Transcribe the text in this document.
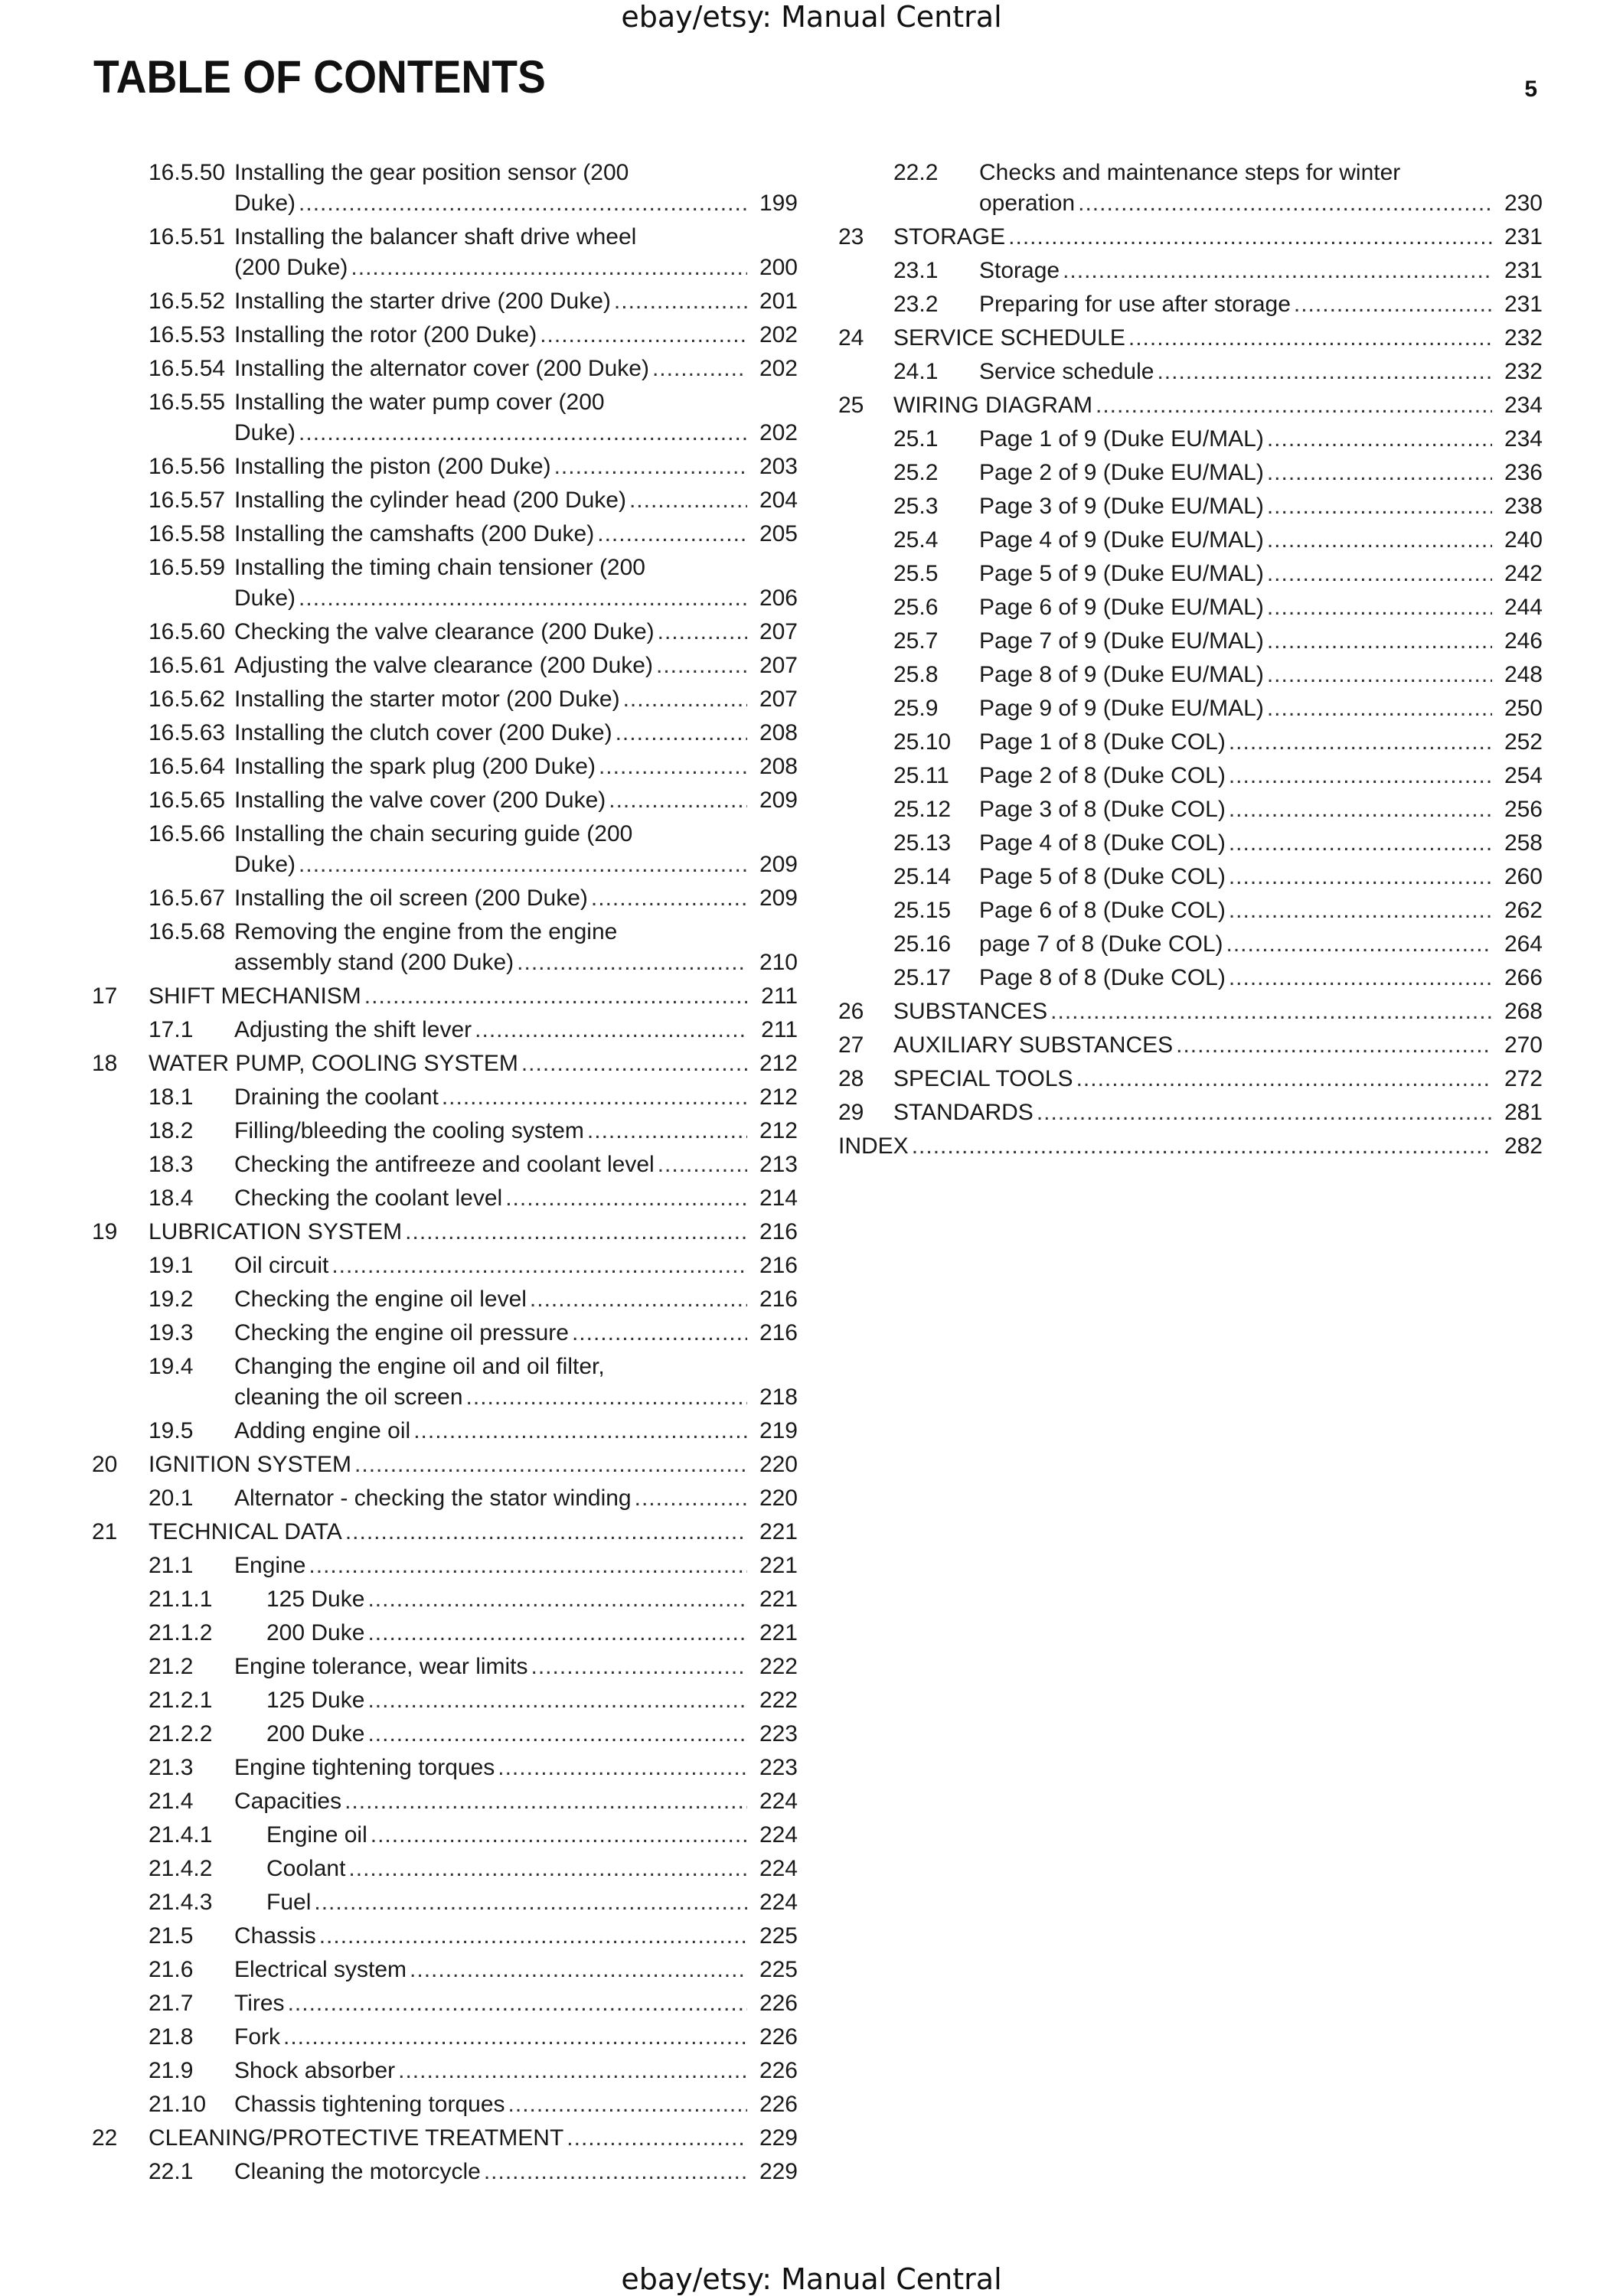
ebay/etsy: Manual Central
TABLE OF CONTENTS	5
16.5.50 Installing the gear position sensor (200
Duke) .....	199
16.5.51 Installing the balancer shaft drive wheel
(200 Duke) .....	200
16.5.52 Installing the starter drive (200 Duke) .....	201
16.5.53 Installing the rotor (200 Duke) .....	202
16.5.54 Installing the alternator cover (200 Duke) .....	202
16.5.55 Installing the water pump cover (200
Duke) .....	202
16.5.56 Installing the piston (200 Duke) .....	203
16.5.57 Installing the cylinder head (200 Duke) .....	204
16.5.58 Installing the camshafts (200 Duke) .....	205
16.5.59 Installing the timing chain tensioner (200
Duke) .....	206
16.5.60 Checking the valve clearance (200 Duke) .....	207
16.5.61 Adjusting the valve clearance (200 Duke) .....	207
16.5.62 Installing the starter motor (200 Duke) .....	207
16.5.63 Installing the clutch cover (200 Duke) .....	208
16.5.64 Installing the spark plug (200 Duke) .....	208
16.5.65 Installing the valve cover (200 Duke) .....	209
16.5.66 Installing the chain securing guide (200
Duke) .....	209
16.5.67 Installing the oil screen (200 Duke) .....	209
16.5.68 Removing the engine from the engine
assembly stand (200 Duke) .....	210
17 SHIFT MECHANISM .....	211
17.1 Adjusting the shift lever .....	211
18 WATER PUMP, COOLING SYSTEM .....	212
18.1 Draining the coolant .....	212
18.2 Filling/bleeding the cooling system .....	212
18.3 Checking the antifreeze and coolant level .....	213
18.4 Checking the coolant level .....	214
19 LUBRICATION SYSTEM .....	216
19.1 Oil circuit .....	216
19.2 Checking the engine oil level .....	216
19.3 Checking the engine oil pressure .....	216
19.4 Changing the engine oil and oil filter,
cleaning the oil screen .....	218
19.5 Adding engine oil .....	219
20 IGNITION SYSTEM .....	220
20.1 Alternator - checking the stator winding .....	220
21 TECHNICAL DATA .....	221
21.1 Engine .....	221
21.1.1 125 Duke .....	221
21.1.2 200 Duke .....	221
21.2 Engine tolerance, wear limits .....	222
21.2.1 125 Duke .....	222
21.2.2 200 Duke .....	223
21.3 Engine tightening torques .....	223
21.4 Capacities .....	224
21.4.1 Engine oil .....	224
21.4.2 Coolant .....	224
21.4.3 Fuel .....	224
21.5 Chassis .....	225
21.6 Electrical system .....	225
21.7 Tires .....	226
21.8 Fork .....	226
21.9 Shock absorber .....	226
21.10 Chassis tightening torques .....	226
22 CLEANING/PROTECTIVE TREATMENT .....	229
22.1 Cleaning the motorcycle .....	229
22.2 Checks and maintenance steps for winter
operation .....	230
23 STORAGE .....	231
23.1 Storage .....	231
23.2 Preparing for use after storage .....	231
24 SERVICE SCHEDULE .....	232
24.1 Service schedule .....	232
25 WIRING DIAGRAM .....	234
25.1 Page 1 of 9 (Duke EU/MAL) .....	234
25.2 Page 2 of 9 (Duke EU/MAL) .....	236
25.3 Page 3 of 9 (Duke EU/MAL) .....	238
25.4 Page 4 of 9 (Duke EU/MAL) .....	240
25.5 Page 5 of 9 (Duke EU/MAL) .....	242
25.6 Page 6 of 9 (Duke EU/MAL) .....	244
25.7 Page 7 of 9 (Duke EU/MAL) .....	246
25.8 Page 8 of 9 (Duke EU/MAL) .....	248
25.9 Page 9 of 9 (Duke EU/MAL) .....	250
25.10 Page 1 of 8 (Duke COL) .....	252
25.11 Page 2 of 8 (Duke COL) .....	254
25.12 Page 3 of 8 (Duke COL) .....	256
25.13 Page 4 of 8 (Duke COL) .....	258
25.14 Page 5 of 8 (Duke COL) .....	260
25.15 Page 6 of 8 (Duke COL) .....	262
25.16 page 7 of 8 (Duke COL) .....	264
25.17 Page 8 of 8 (Duke COL) .....	266
26 SUBSTANCES .....	268
27 AUXILIARY SUBSTANCES .....	270
28 SPECIAL TOOLS .....	272
29 STANDARDS .....	281
INDEX .....	282
ebay/etsy: Manual Central
